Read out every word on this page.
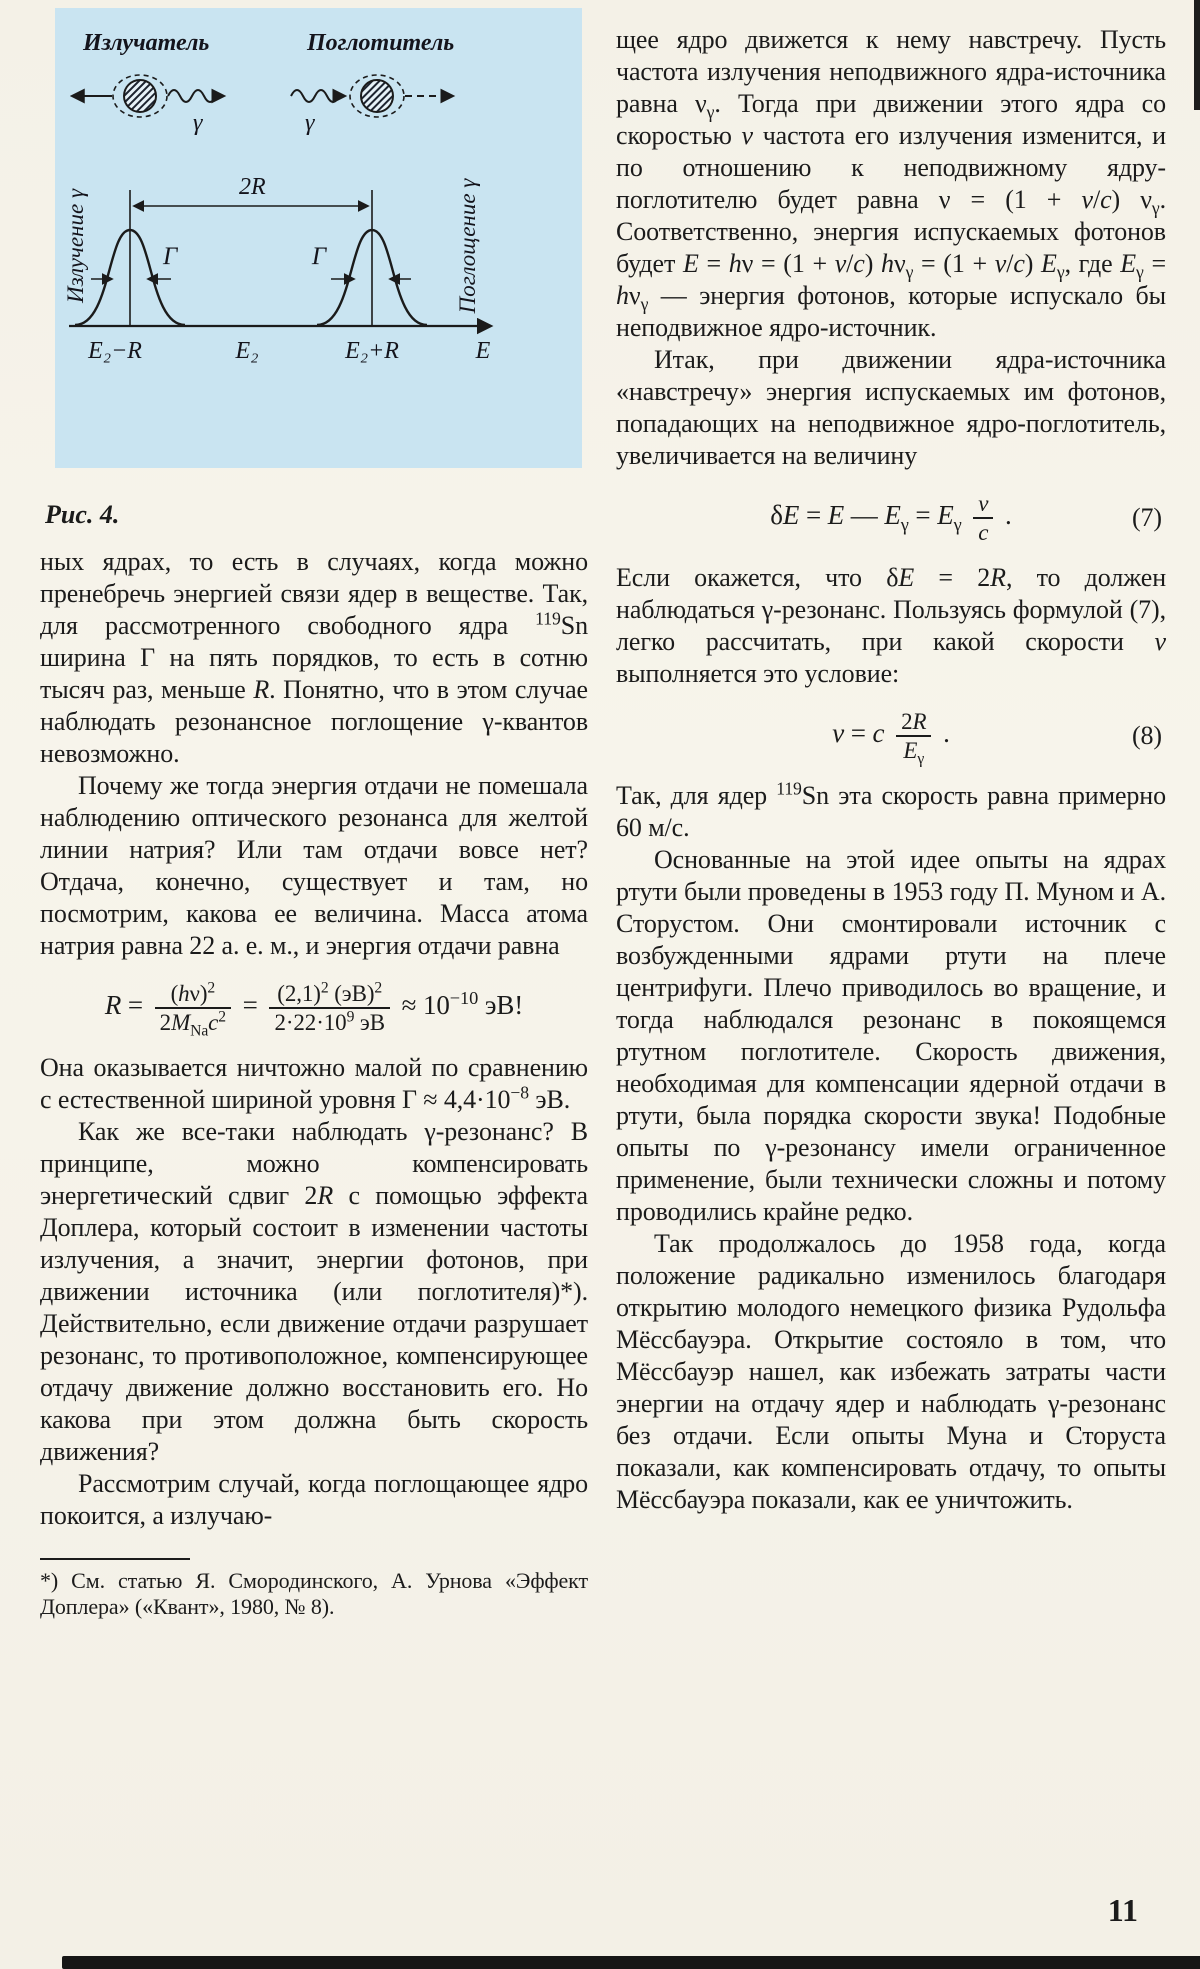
Излучатель
γ
Поглотитель
γ
2R
Γ	Γ
Излучение γ	Поглощение γ
E₂−R	E₂	E₂+R	E
Рис. 4.

ных ядрах, то есть в случаях, когда можно пренебречь энергией связи ядер в веществе. Так, для рассмотренного свободного ядра $^{119}$Sn ширина Γ на пять порядков, то есть в сотню тысяч раз, меньше R. Понятно, что в этом случае наблюдать резонансное поглощение γ-квантов невозможно.

Почему же тогда энергия отдачи не помешала наблюдению оптического резонанса для желтой линии натрия? Или там отдачи вовсе нет? Отдача, конечно, существует и там, но посмотрим, какова ее величина. Масса атома натрия равна 22 а. е. м., и энергия отдачи равна

$R = \frac{(h\nu)^2}{2M_{Na}c^2} = \frac{(2,1)^2 (эВ)^2}{2\cdot 22\cdot 10^9 эВ} \approx 10^{-10}$ эВ!

Она оказывается ничтожно малой по сравнению с естественной шириной уровня $\Gamma \approx 4,4\cdot 10^{-8}$ эВ.

Как же все-таки наблюдать γ-резонанс? В принципе, можно компенсировать энергетический сдвиг 2R с помощью эффекта Доплера, который состоит в изменении частоты излучения, а значит, энергии фотонов, при движении источника (или поглотителя)*). Действительно, если движение отдачи разрушает резонанс, то противоположное, компенсирующее отдачу движение должно восстановить его. Но какова при этом должна быть скорость движения?

Рассмотрим случай, когда поглощающее ядро покоится, а излучаю-

*) См. статью Я. Смородинского, А. Урнова «Эффект Доплера» («Квант», 1980, № 8).

щее ядро движется к нему навстречу. Пусть частота излучения неподвижного ядра-источника равна $\nu_\gamma$. Тогда при движении этого ядра со скоростью v частота его излучения изменится, и по отношению к неподвижному ядру-поглотителю будет равна ν = (1 + v/c) $\nu_\gamma$. Соответственно, энергия испускаемых фотонов будет E = hν = (1 + v/c) $h\nu_\gamma = (1 + v/c)$ $E_\gamma$, где $E_\gamma = h\nu_\gamma$ — энергия фотонов, которые испускало бы неподвижное ядро-источник.

Итак, при движении ядра-источника «навстречу» энергия испускаемых им фотонов, попадающих на неподвижное ядро-поглотитель, увеличивается на величину

δE = E — $E_\gamma = E_\gamma \frac{v}{c}$ .	(7)

Если окажется, что δE = 2R, то должен наблюдаться γ-резонанс. Пользуясь формулой (7), легко рассчитать, при какой скорости v выполняется это условие:

v = c $\frac{2R}{E_\gamma}$ .	(8)

Так, для ядер $^{119}$Sn эта скорость равна примерно 60 м/с.

Основанные на этой идее опыты на ядрах ртути были проведены в 1953 году П. Муном и А. Сторустом. Они смонтировали источник с возбужденными ядрами ртути на плече центрифуги. Плечо приводилось во вращение, и тогда наблюдался резонанс в покоящемся ртутном поглотителе. Скорость движения, необходимая для компенсации ядерной отдачи в ртути, была порядка скорости звука! Подобные опыты по γ-резонансу имели ограниченное применение, были технически сложны и потому проводились крайне редко.

Так продолжалось до 1958 года, когда положение радикально изменилось благодаря открытию молодого немецкого физика Рудольфа Мёссбауэра. Открытие состояло в том, что Мёссбауэр нашел, как избежать затраты части энергии на отдачу ядер и наблюдать γ-резонанс без отдачи. Если опыты Муна и Сторуста показали, как компенсировать отдачу, то опыты Мёссбауэра показали, как ее уничтожить.

11
